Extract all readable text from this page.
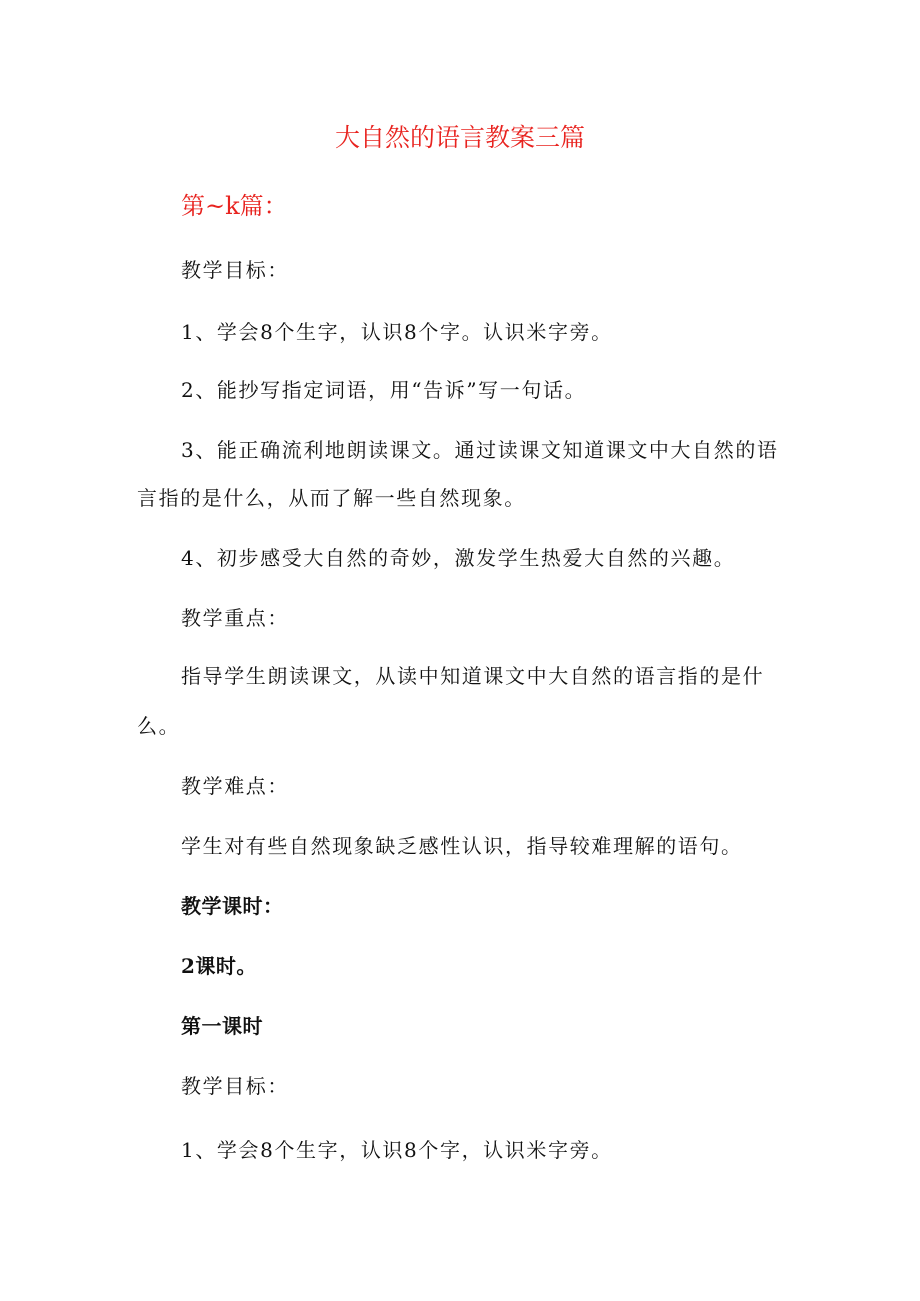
大自然的语言教案三篇
第~k篇：
教学目标：
1、学会8个生字，认识8个字。认识米字旁。
2、能抄写指定词语，用“告诉”写一句话。
3、能正确流利地朗读课文。通过读课文知道课文中大自然的语
言指的是什么，从而了解一些自然现象。
4、初步感受大自然的奇妙，激发学生热爱大自然的兴趣。
教学重点：
指导学生朗读课文，从读中知道课文中大自然的语言指的是什
么。
教学难点：
学生对有些自然现象缺乏感性认识，指导较难理解的语句。
教学课时：
2课时。
第一课时
教学目标：
1、学会8个生字，认识8个字，认识米字旁。
